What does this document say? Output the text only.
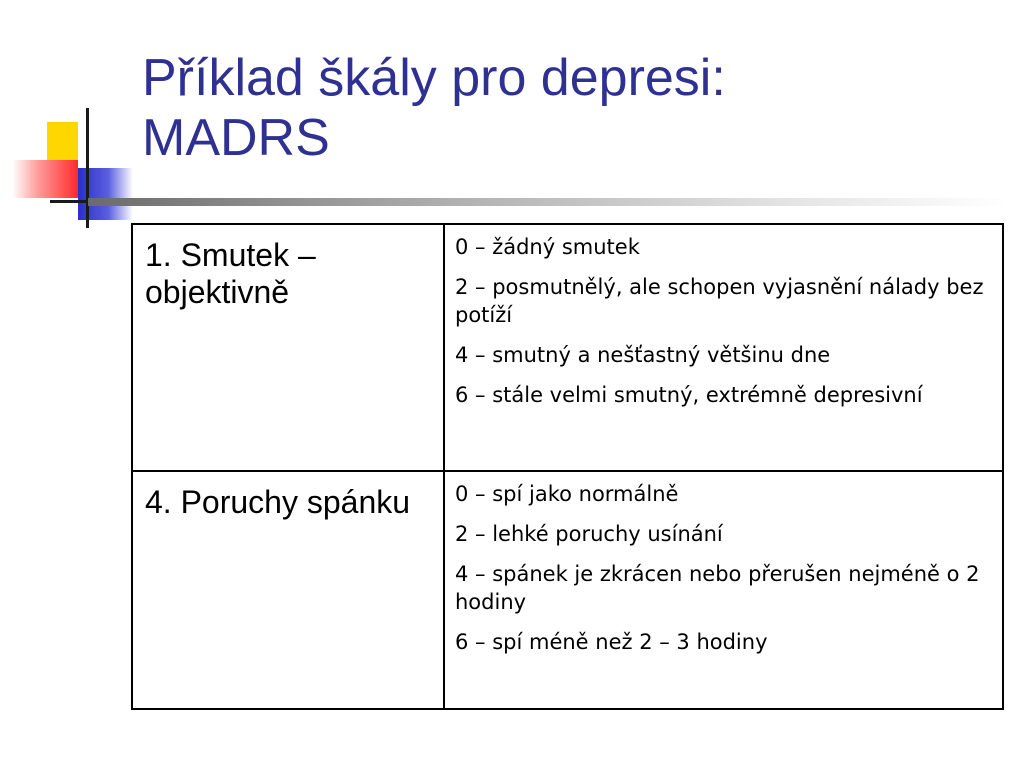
Příklad škály pro depresi:
MADRS
1. Smutek – objektivně	0 – žádný smutek
2 – posmutnělý, ale schopen vyjasnění nálady bez potíží
4 – smutný a nešťastný většinu dne
6 – stále velmi smutný, extrémně depresivní

4. Poruchy spánku	0 – spí jako normálně
2 – lehké poruchy usínání
4 – spánek je zkrácen nebo přerušen nejméně o 2 hodiny
6 – spí méně než 2 – 3 hodiny
